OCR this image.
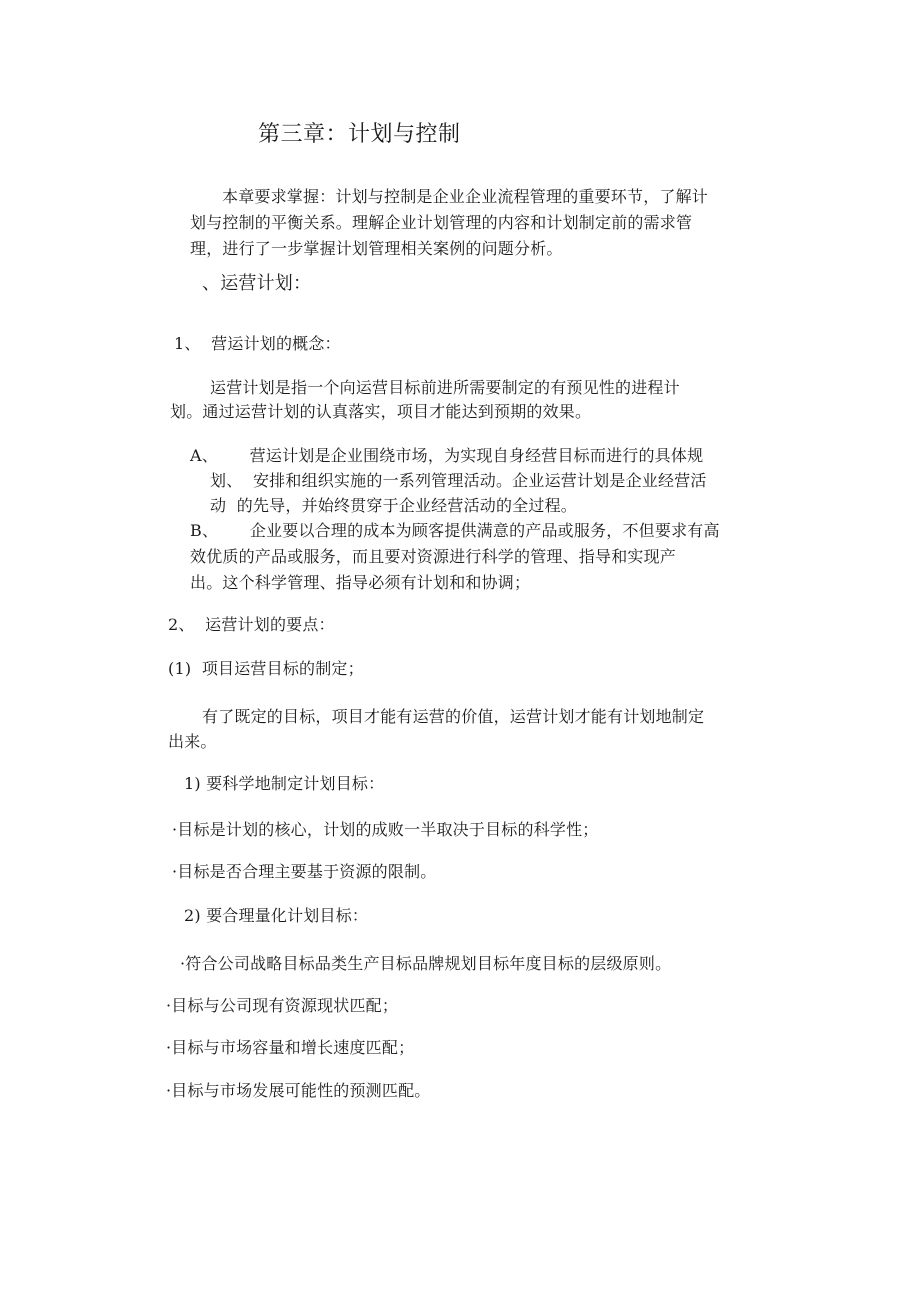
第三章：计划与控制
本章要求掌握：计划与控制是企业企业流程管理的重要环节，了解计
划与控制的平衡关系。理解企业计划管理的内容和计划制定前的需求管
理，进行了一步掌握计划管理相关案例的问题分析。
、运营计划：
1、  营运计划的概念：
运营计划是指一个向运营目标前进所需要制定的有预见性的进程计
划。通过运营计划的认真落实，项目才能达到预期的效果。
A、      营运计划是企业围绕市场，为实现自身经营目标而进行的具体规
划、  安排和组织实施的一系列管理活动。企业运营计划是企业经营活
动  的先导，并始终贯穿于企业经营活动的全过程。
B、      企业要以合理的成本为顾客提供满意的产品或服务，不但要求有高
效优质的产品或服务，而且要对资源进行科学的管理、指导和实现产
出。这个科学管理、指导必须有计划和和协调；
2、  运营计划的要点：
(1)  项目运营目标的制定；
有了既定的目标，项目才能有运营的价值，运营计划才能有计划地制定
出来。
1) 要科学地制定计划目标：
·目标是计划的核心，计划的成败一半取决于目标的科学性；
·目标是否合理主要基于资源的限制。
2) 要合理量化计划目标：
·符合公司战略目标品类生产目标品牌规划目标年度目标的层级原则。
·目标与公司现有资源现状匹配；
·目标与市场容量和增长速度匹配；
·目标与市场发展可能性的预测匹配。
